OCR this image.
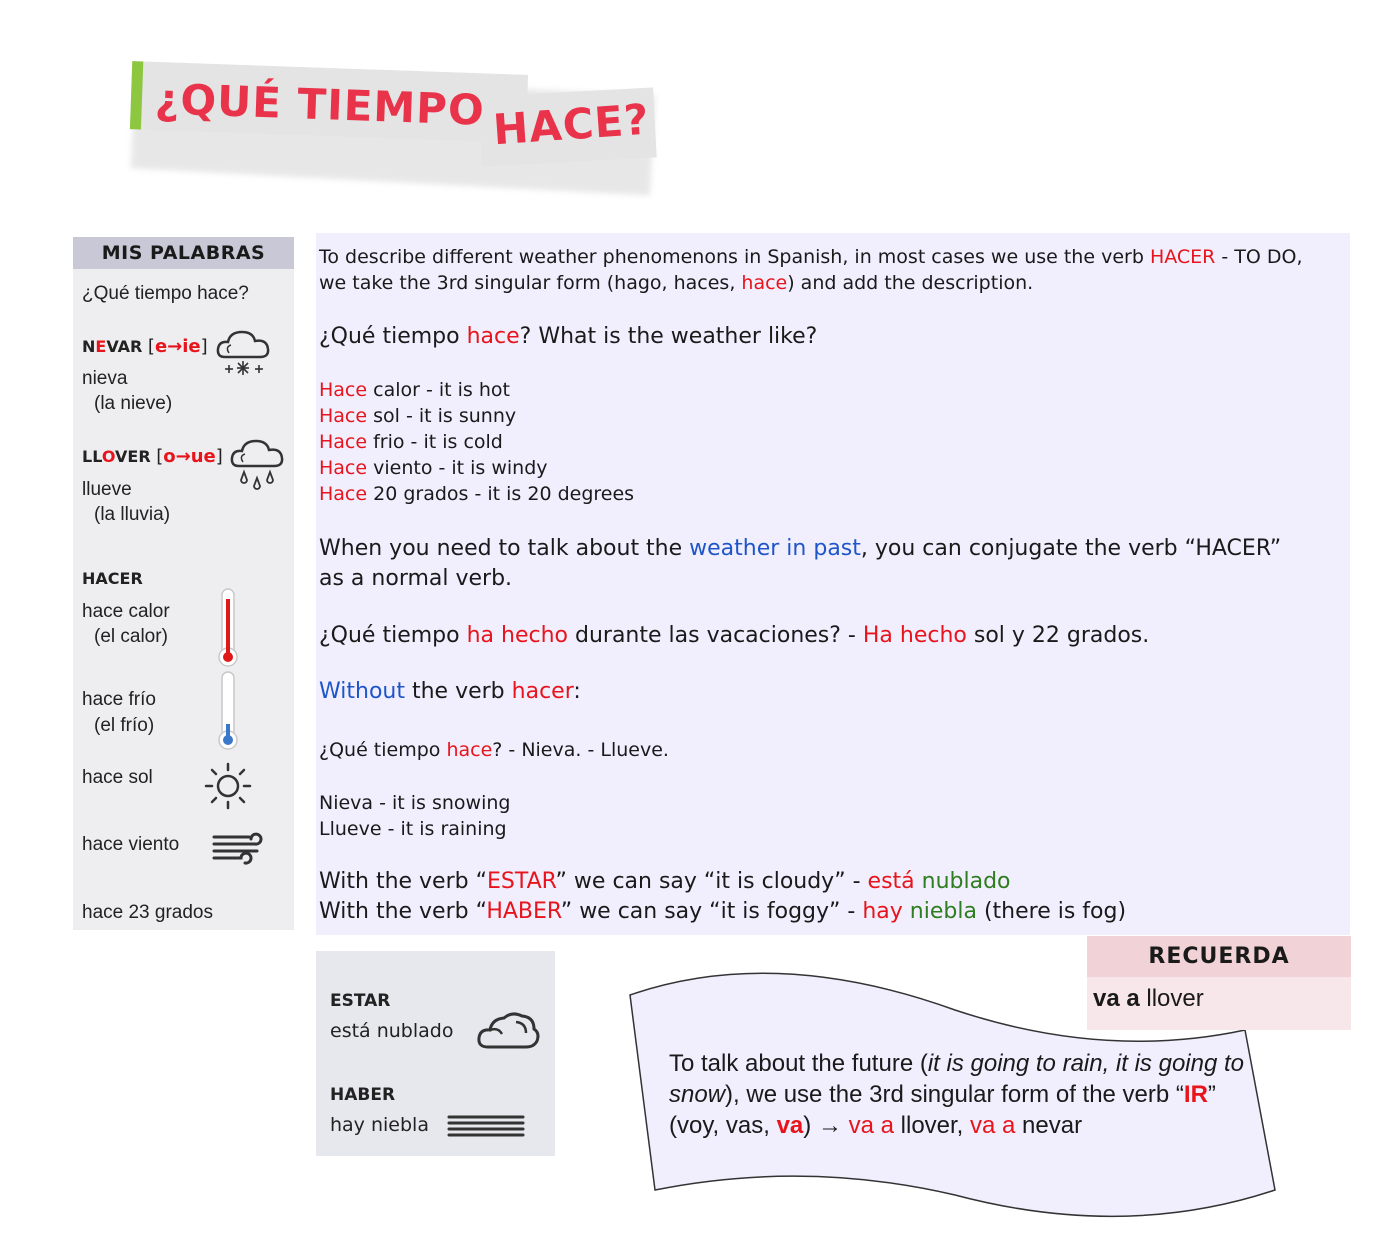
¿QUÉ TIEMPO HACE?
MIS PALABRAS
¿Qué tiempo hace?
NEVAR [e→ie]
nieva
(la nieve)
LLOVER [o→ue]
llueve
(la lluvia)
HACER
hace calor
(el calor)
hace frío
(el frío)
hace sol
hace viento
hace 23 grados
To describe different weather phenomenons in Spanish, in most cases we use the verb HACER - TO DO,
we take the 3rd singular form (hago, haces, hace) and add the description.
¿Qué tiempo hace? What is the weather like?
Hace calor - it is hot
Hace sol - it is sunny
Hace frio - it is cold
Hace viento - it is windy
Hace 20 grados - it is 20 degrees
When you need to talk about the weather in past, you can conjugate the verb “HACER”
as a normal verb.
¿Qué tiempo ha hecho durante las vacaciones? - Ha hecho sol y 22 grados.
Without the verb hacer:
¿Qué tiempo hace? - Nieva. - Llueve.
Nieva - it is snowing
Llueve - it is raining
With the verb “ESTAR” we can say “it is cloudy” - está nublado
With the verb “HABER” we can say “it is foggy” - hay niebla (there is fog)
ESTAR
está nublado
HABER
hay niebla
To talk about the future (it is going to rain, it is going to snow), we use the 3rd singular form of the verb “IR” (voy, vas, va) → va a llover, va a nevar
RECUERDA
va a llover
